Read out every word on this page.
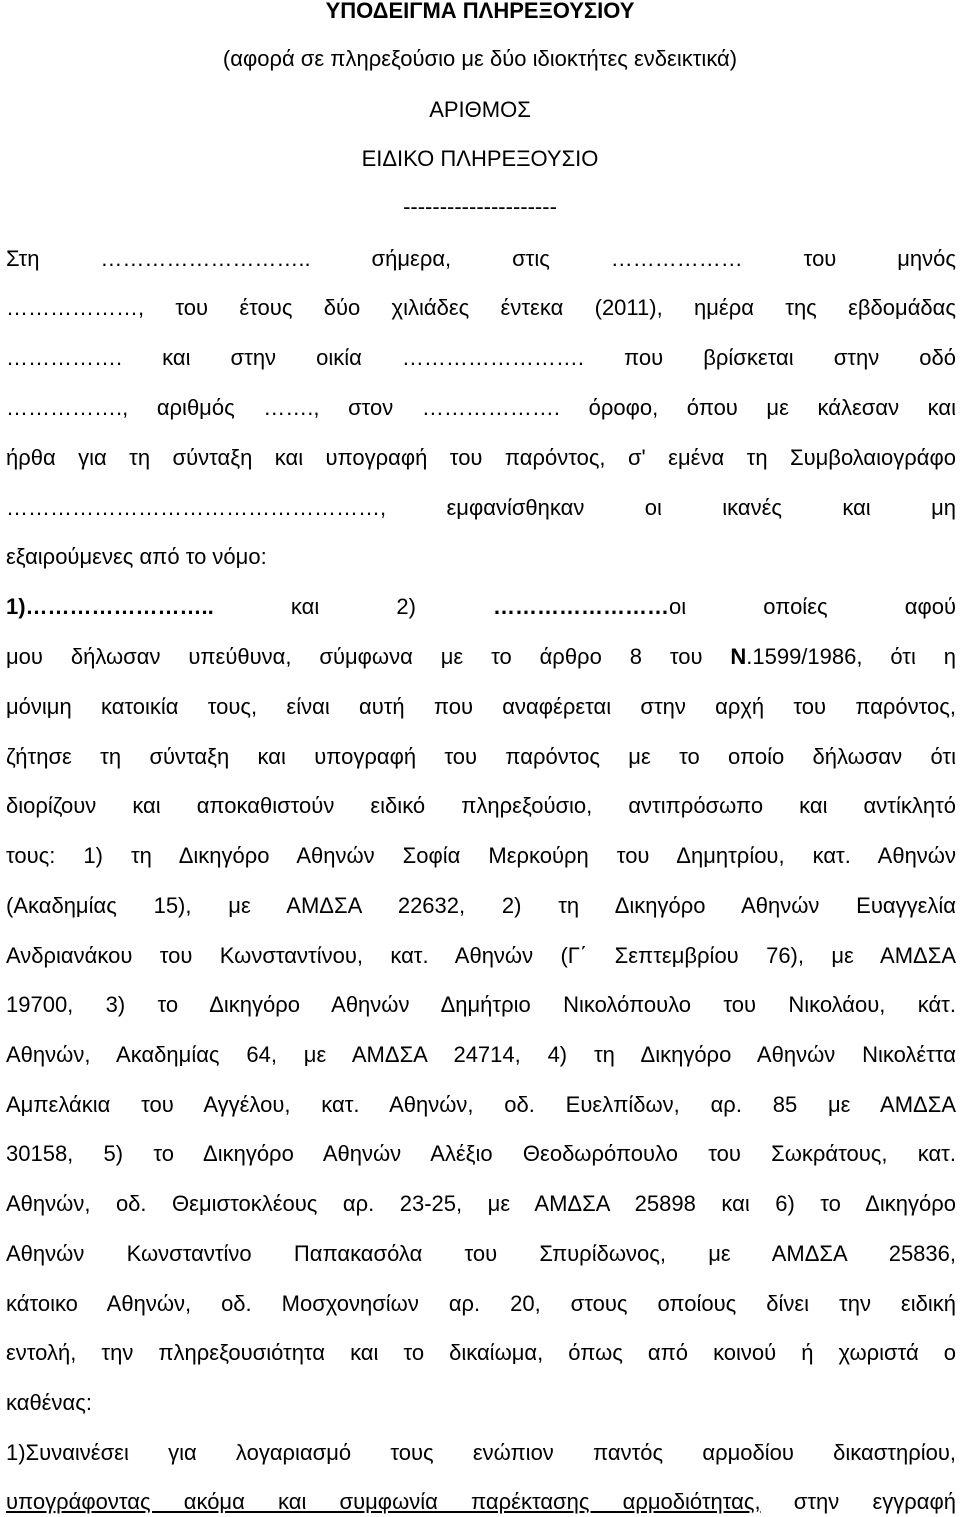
ΥΠΟΔΕΙΓΜΑ ΠΛΗΡΕΞΟΥΣΙΟΥ
(αφορά σε πληρεξούσιο με δύο ιδιοκτήτες ενδεικτικά)
ΑΡΙΘΜΟΣ
ΕΙΔΙΚΟ ΠΛΗΡΕΞΟΥΣΙΟ
---------------------
Στη ……………………….. σήμερα, στις ……………… του μηνός
………………, του έτους δύο χιλιάδες έντεκα (2011), ημέρα της εβδομάδας
……………. και στην οικία ……………………. που βρίσκεται στην οδό
……………., αριθμός ……., στον ………………. όροφο, όπου με κάλεσαν και
ήρθα για τη σύνταξη και υπογραφή του παρόντος, σ' εμένα τη Συμβολαιογράφο
……………………………………………, εμφανίσθηκαν οι ικανές και μη
εξαιρούμενες από το νόμο:
1)…………………….. και 2) ……………………οι οποίες αφού
μου δήλωσαν υπεύθυνα, σύμφωνα με το άρθρο 8 του Ν.1599/1986, ότι η
μόνιμη κατοικία τους, είναι αυτή που αναφέρεται στην αρχή του παρόντος,
ζήτησε τη σύνταξη και υπογραφή του παρόντος με το οποίο δήλωσαν ότι
διορίζουν και αποκαθιστούν ειδικό πληρεξούσιο, αντιπρόσωπο και αντίκλητό
τους: 1) τη Δικηγόρο Αθηνών Σοφία Μερκούρη του Δημητρίου, κατ. Αθηνών
(Ακαδημίας 15), με ΑΜΔΣΑ 22632, 2) τη Δικηγόρο Αθηνών Ευαγγελία
Ανδριανάκου του Κωνσταντίνου, κατ. Αθηνών (Γ΄ Σεπτεμβρίου 76), με ΑΜΔΣΑ
19700, 3) το Δικηγόρο Αθηνών Δημήτριο Νικολόπουλο του Νικολάου, κάτ.
Αθηνών, Ακαδημίας 64, με ΑΜΔΣΑ 24714, 4) τη Δικηγόρο Αθηνών Νικολέττα
Αμπελάκια του Αγγέλου, κατ. Αθηνών, οδ. Ευελπίδων, αρ. 85 με ΑΜΔΣΑ
30158, 5) το Δικηγόρο Αθηνών Αλέξιο Θεοδωρόπουλο του Σωκράτους, κατ.
Αθηνών, οδ. Θεμιστοκλέους αρ. 23-25, με ΑΜΔΣΑ 25898 και 6) το Δικηγόρο
Αθηνών Κωνσταντίνο Παπακασόλα του Σπυρίδωνος, με ΑΜΔΣΑ 25836,
κάτοικο Αθηνών, οδ. Μοσχονησίων αρ. 20, στους οποίους δίνει την ειδική
εντολή, την πληρεξουσιότητα και το δικαίωμα, όπως από κοινού ή χωριστά ο
καθένας:
1)Συναινέσει για λογαριασμό τους ενώπιον παντός αρμοδίου δικαστηρίου,
υπογράφοντας ακόμα και συμφωνία παρέκτασης αρμοδιότητας, στην εγγραφή
